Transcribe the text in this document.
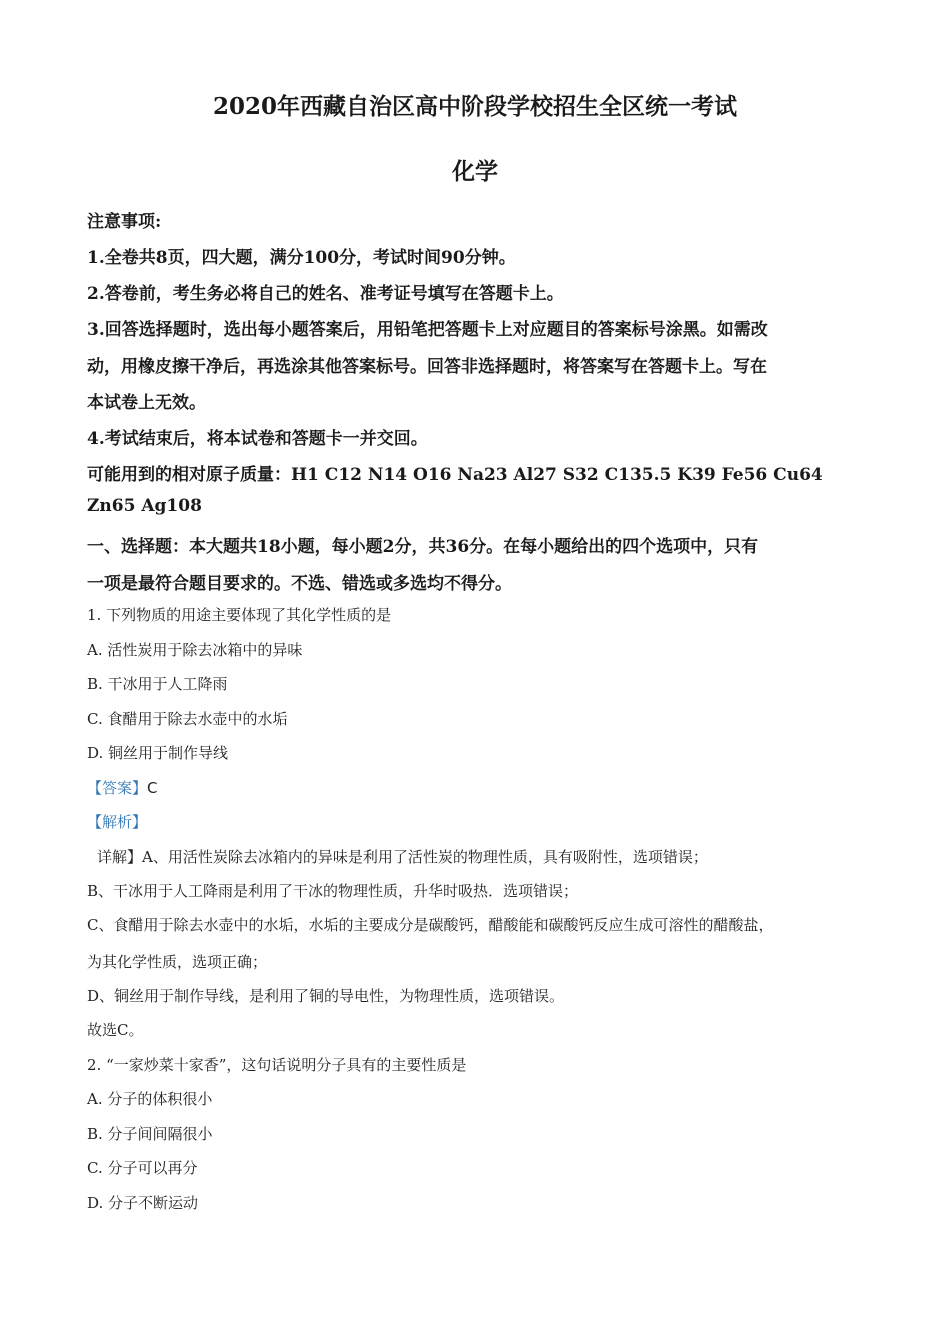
2020年西藏自治区高中阶段学校招生全区统一考试
化学
注意事项:
1.全卷共8页，四大题，满分100分，考试时间90分钟。
2.答卷前，考生务必将自己的姓名、准考证号填写在答题卡上。
3.回答选择题时，选出每小题答案后，用铅笔把答题卡上对应题目的答案标号涂黑。如需改
动，用橡皮擦干净后，再选涂其他答案标号。回答非选择题时，将答案写在答题卡上。写在
本试卷上无效。
4.考试结束后，将本试卷和答题卡一并交回。
可能用到的相对原子质量：H1 C12 N14 O16 Na23 Al27 S32 C135.5 K39 Fe56 Cu64
Zn65 Ag108
一、选择题：本大题共18小题，每小题2分，共36分。在每小题给出的四个选项中，只有
一项是最符合题目要求的。不选、错选或多选均不得分。
1. 下列物质的用途主要体现了其化学性质的是
A. 活性炭用于除去冰箱中的异味
B. 干冰用于人工降雨
C. 食醋用于除去水壶中的水垢
D. 铜丝用于制作导线
【答案】C
【解析】
详解】A、用活性炭除去冰箱内的异味是利用了活性炭的物理性质，具有吸附性，选项错误；
B、干冰用于人工降雨是利用了干冰的物理性质，升华时吸热．选项错误；
C、食醋用于除去水壶中的水垢，水垢的主要成分是碳酸钙，醋酸能和碳酸钙反应生成可溶性的醋酸盐，
为其化学性质，选项正确；
D、铜丝用于制作导线，是利用了铜的导电性，为物理性质，选项错误。
故选C。
2. “一家炒菜十家香”，这句话说明分子具有的主要性质是
A. 分子的体积很小
B. 分子间间隔很小
C. 分子可以再分
D. 分子不断运动
